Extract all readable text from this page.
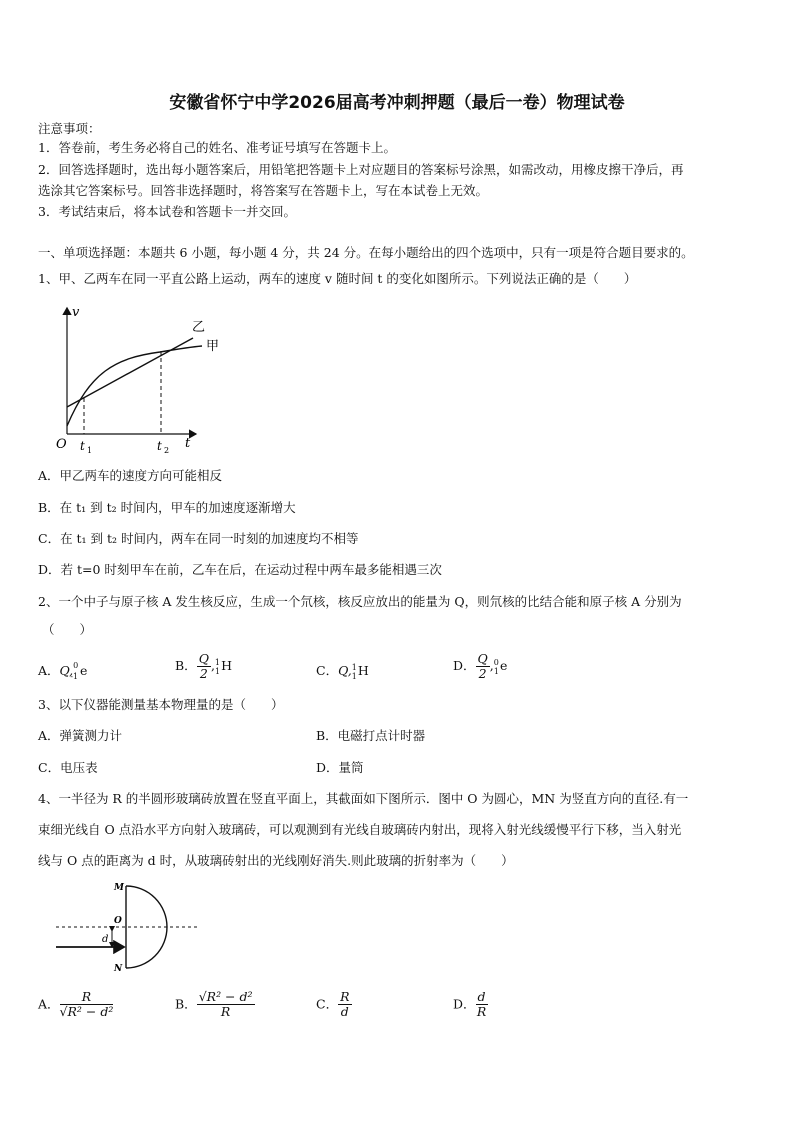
安徽省怀宁中学2026届高考冲刺押题（最后一卷）物理试卷
注意事项：
1．答卷前，考生务必将自己的姓名、准考证号填写在答题卡上。
2．回答选择题时，选出每小题答案后，用铅笔把答题卡上对应题目的答案标号涂黑，如需改动，用橡皮擦干净后，再
选涂其它答案标号。回答非选择题时，将答案写在答题卡上，写在本试卷上无效。
3．考试结束后，将本试卷和答题卡一并交回。
一、单项选择题：本题共 6 小题，每小题 4 分，共 24 分。在每小题给出的四个选项中，只有一项是符合题目要求的。
1、甲、乙两车在同一平直公路上运动，两车的速度 v 随时间 t 的变化如图所示。下列说法正确的是（　　）
v
t
O t 1	t 2
乙
甲
A．甲乙两车的速度方向可能相反
B．在 t₁ 到 t₂ 时间内，甲车的加速度逐渐增大
C．在 t₁ 到 t₂ 时间内，两车在同一时刻的加速度均不相等
D．若 t=0 时刻甲车在前，乙车在后，在运动过程中两车最多能相遇三次
2、一个中子与原子核 A 发生核反应，生成一个氘核，核反应放出的能量为 Q，则氘核的比结合能和原子核 A 分别为
（　　）
A．Q,$^0_{-1}$ e	B． $\frac{Q}{2} ,^1_1H$	C．Q,$^1_1$H	D． $\frac{Q}{2} ,^0_1e$
3、以下仪器能测量基本物理量的是（　　）
A．弹簧测力计	B．电磁打点计时器
C．电压表	D．量筒
4、一半径为 R 的半圆形玻璃砖放置在竖直平面上，其截面如下图所示．图中 O 为圆心，MN 为竖直方向的直径.有一
束细光线自 O 点沿水平方向射入玻璃砖，可以观测到有光线自玻璃砖内射出，现将入射光线缓慢平行下移，当入射光
线与 O 点的距离为 d 时，从玻璃砖射出的光线刚好消失.则此玻璃的折射率为（　　）
M
O
d
N
A． $\frac{R}{\text{√R² − d²}}$	B． $\frac{\text{√R² − d²}}{R}$	C． $\frac{R}{d}$	D． $\frac{d}{R}$
